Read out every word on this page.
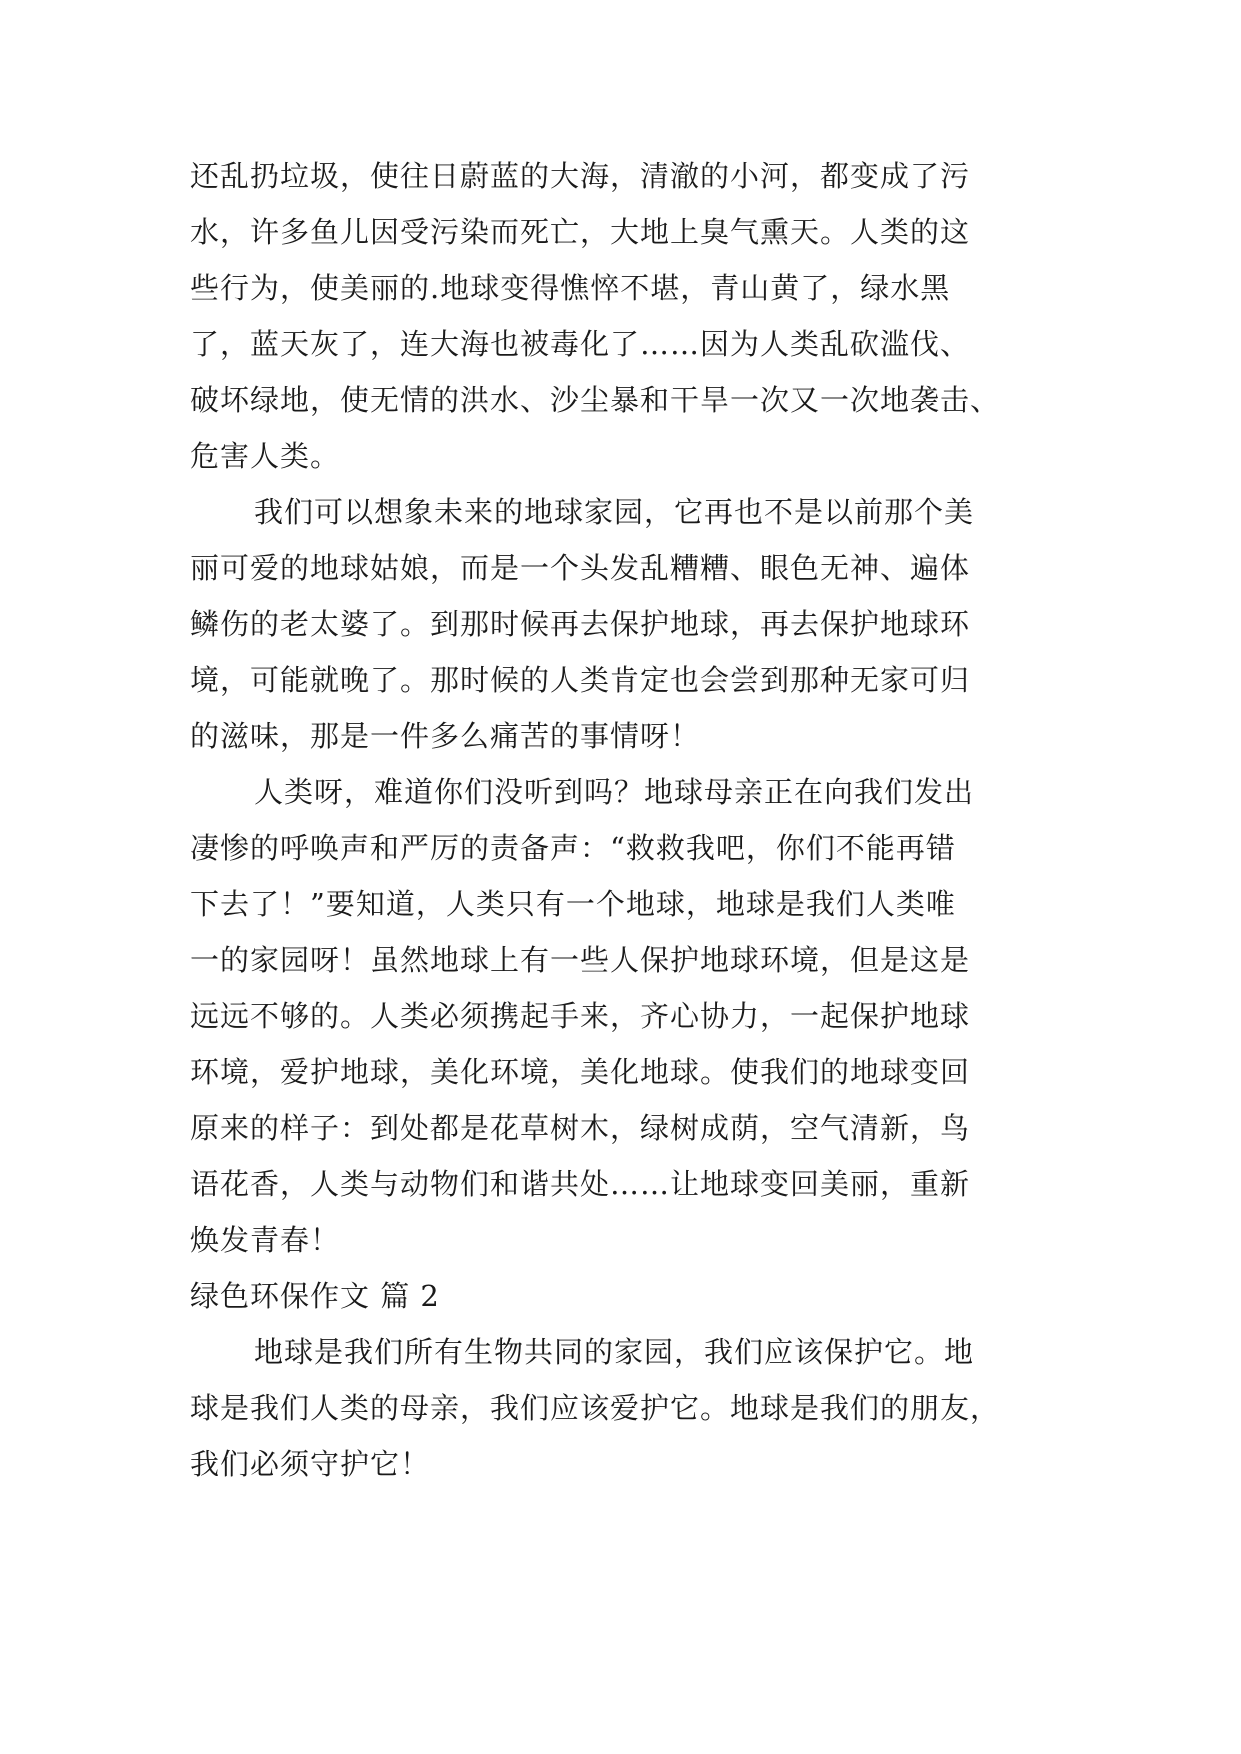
还乱扔垃圾，使往日蔚蓝的大海，清澈的小河，都变成了污
水，许多鱼儿因受污染而死亡，大地上臭气熏天。人类的这
些行为，使美丽的.地球变得憔悴不堪，青山黄了，绿水黑
了，蓝天灰了，连大海也被毒化了……因为人类乱砍滥伐、
破坏绿地，使无情的洪水、沙尘暴和干旱一次又一次地袭击、
危害人类。
我们可以想象未来的地球家园，它再也不是以前那个美
丽可爱的地球姑娘，而是一个头发乱糟糟、眼色无神、遍体
鳞伤的老太婆了。到那时候再去保护地球，再去保护地球环
境，可能就晚了。那时候的人类肯定也会尝到那种无家可归
的滋味，那是一件多么痛苦的事情呀！
人类呀，难道你们没听到吗？地球母亲正在向我们发出
凄惨的呼唤声和严厉的责备声：“救救我吧，你们不能再错
下去了！”要知道，人类只有一个地球，地球是我们人类唯
一的家园呀！虽然地球上有一些人保护地球环境，但是这是
远远不够的。人类必须携起手来，齐心协力，一起保护地球
环境，爱护地球，美化环境，美化地球。使我们的地球变回
原来的样子：到处都是花草树木，绿树成荫，空气清新，鸟
语花香，人类与动物们和谐共处……让地球变回美丽，重新
焕发青春！
绿色环保作文 篇 2
地球是我们所有生物共同的家园，我们应该保护它。地
球是我们人类的母亲，我们应该爱护它。地球是我们的朋友，
我们必须守护它！
